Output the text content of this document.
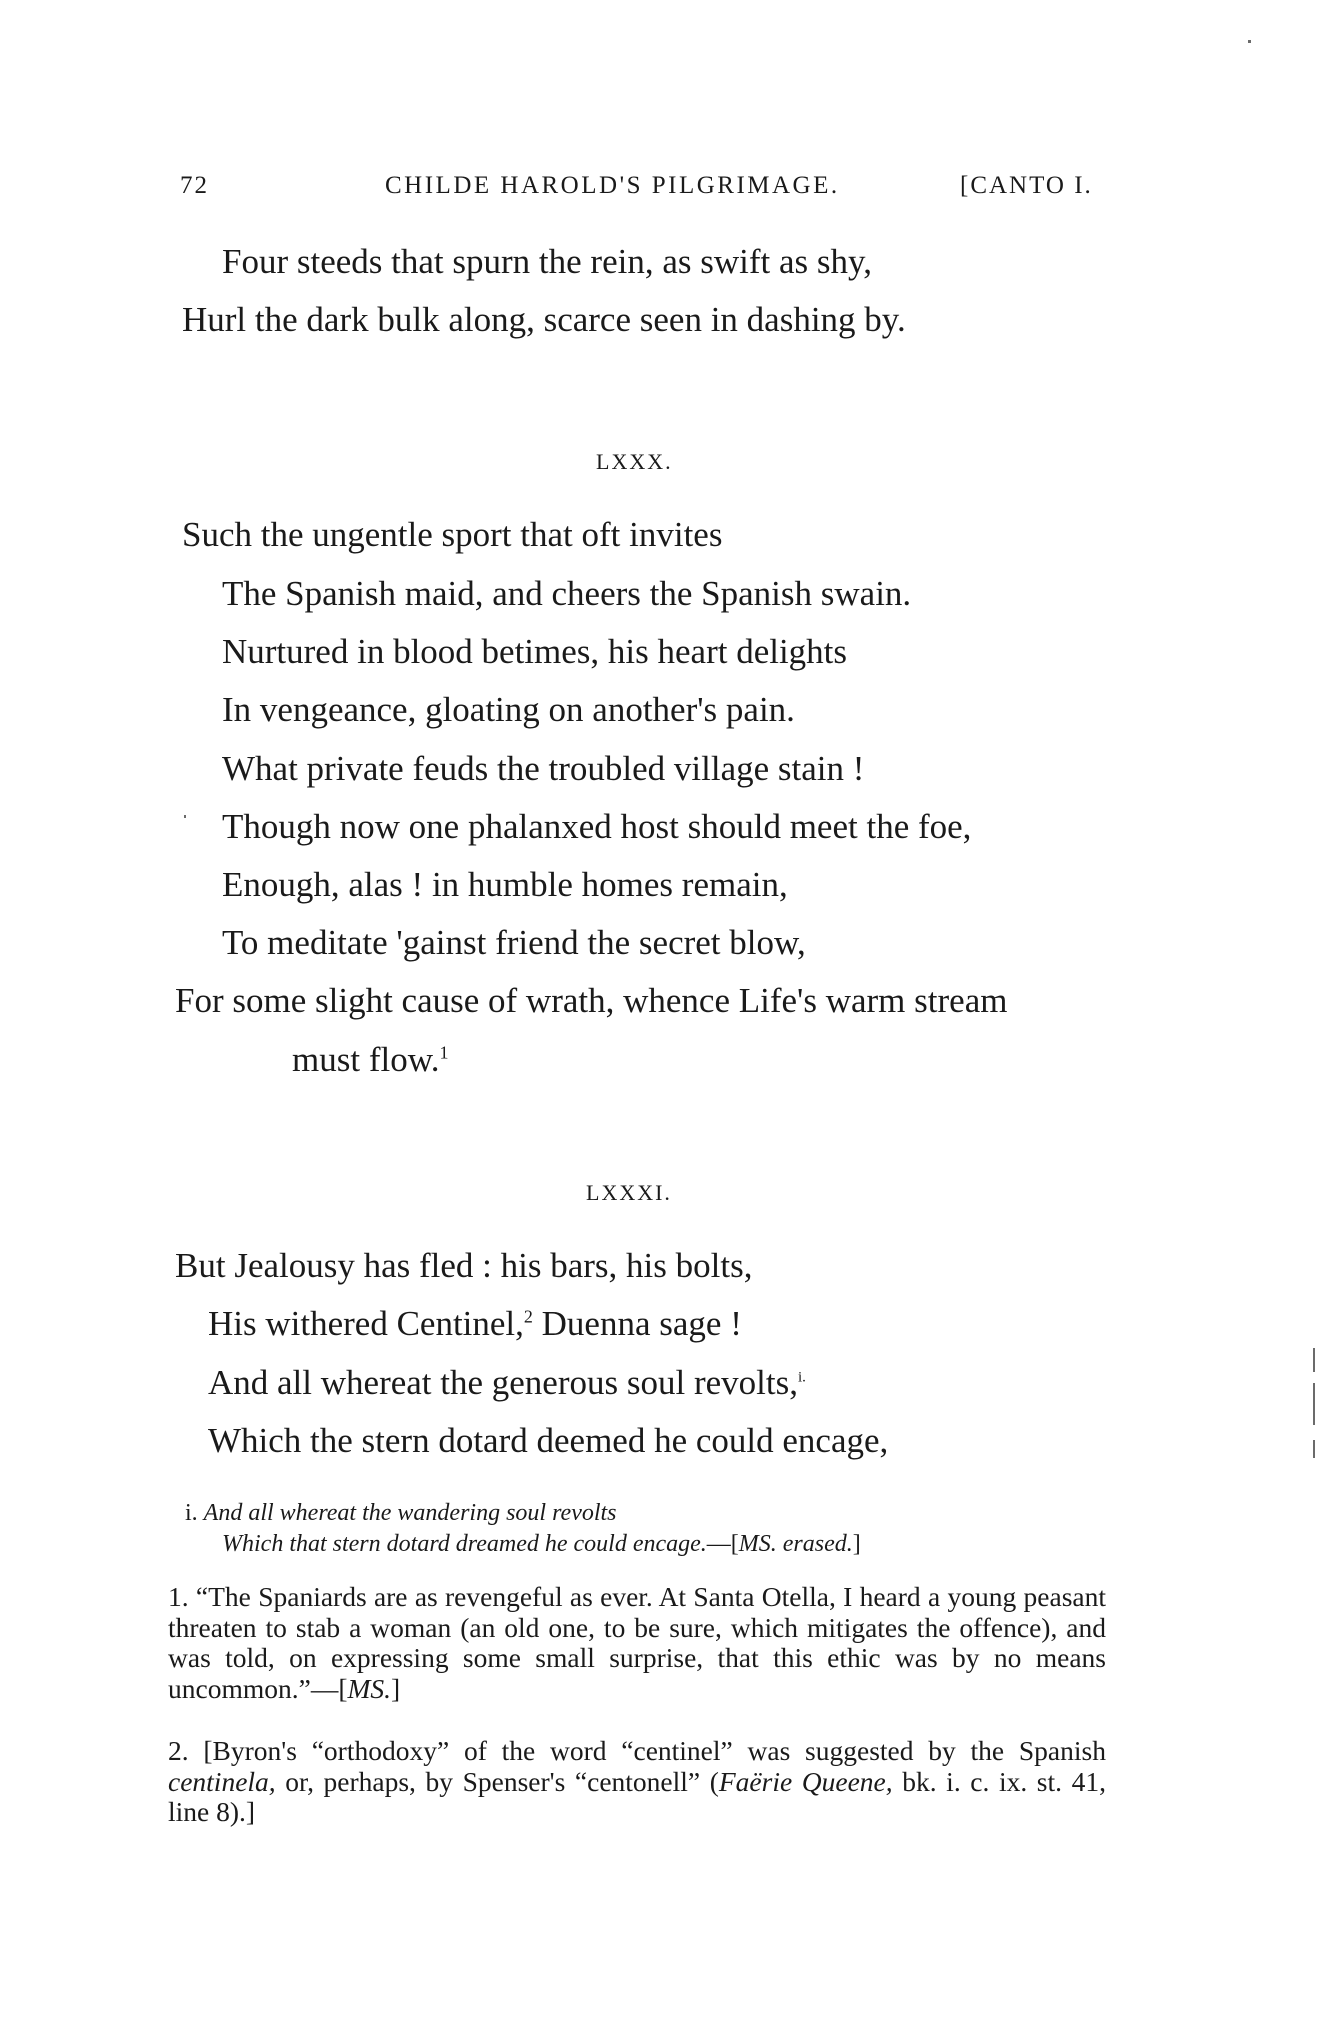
72	CHILDE HAROLD'S PILGRIMAGE.	[CANTO I.
Four steeds that spurn the rein, as swift as shy,
Hurl the dark bulk along, scarce seen in dashing by.
LXXX.
Such the ungentle sport that oft invites
The Spanish maid, and cheers the Spanish swain.
Nurtured in blood betimes, his heart delights
In vengeance, gloating on another's pain.
What private feuds the troubled village stain !
Though now one phalanxed host should meet the foe,
Enough, alas ! in humble homes remain,
To meditate 'gainst friend the secret blow,
For some slight cause of wrath, whence Life's warm stream
must flow.$^1$
LXXXI.
But Jealousy has fled : his bars, his bolts,
His withered Centinel,$^2$ Duenna sage !
And all whereat the generous soul revolts,$^{i.}$
Which the stern dotard deemed he could encage,
i. And all whereat the wandering soul revolts
Which that stern dotard dreamed he could encage.—[MS. erased.]
1. “The Spaniards are as revengeful as ever. At Santa Otella, I heard a young peasant threaten to stab a woman (an old one, to be sure, which mitigates the offence), and was told, on expressing some small surprise, that this ethic was by no means uncommon.”—[MS.]
2. [Byron's “orthodoxy” of the word “centinel” was suggested by the Spanish centinela, or, perhaps, by Spenser's “centonell” (Faërie Queene, bk. i. c. ix. st. 41, line 8).]
